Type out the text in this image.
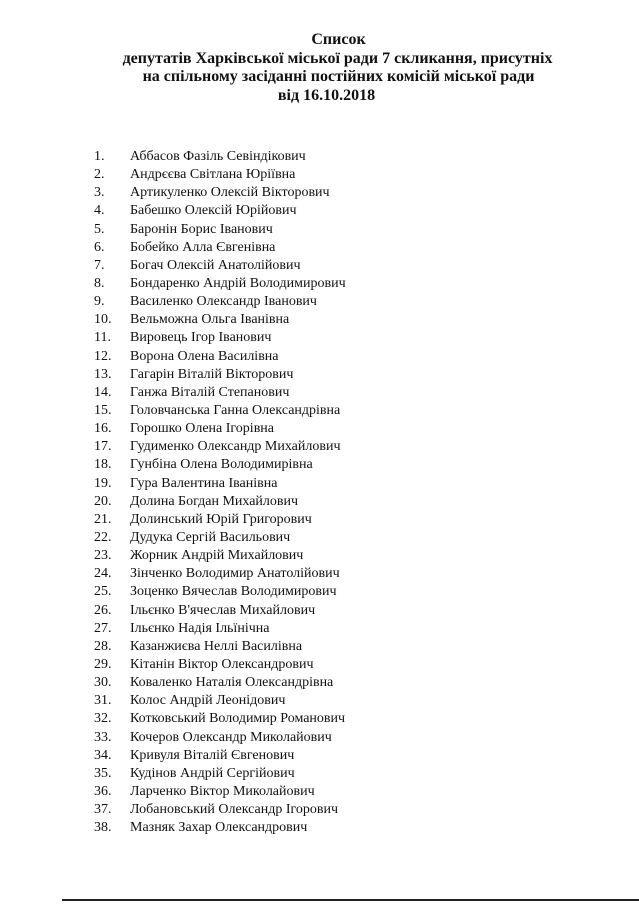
Список
депутатів Харківської міської ради 7 скликання, присутніх
на спільному засіданні постійних комісій міської ради
від 16.10.2018
1. Аббасов Фазіль Севіндікович
2. Андрєєва Світлана Юріївна
3. Артикуленко Олексій Вікторович
4. Бабешко Олексій Юрійович
5. Баронін Борис Іванович
6. Бобейко Алла Євгенівна
7. Богач Олексій Анатолійович
8. Бондаренко Андрій Володимирович
9. Василенко Олександр Іванович
10. Вельможна Ольга Іванівна
11. Вировець Ігор Іванович
12. Ворона Олена Василівна
13. Гагарін Віталій Вікторович
14. Ганжа Віталій Степанович
15. Головчанська Ганна Олександрівна
16. Горошко Олена Ігорівна
17. Гудименко Олександр Михайлович
18. Гунбіна Олена Володимирівна
19. Гура Валентина Іванівна
20. Долина Богдан Михайлович
21. Долинський Юрій Григорович
22. Дудука Сергій Васильович
23. Жорник Андрій Михайлович
24. Зінченко Володимир Анатолійович
25. Зоценко Вячеслав Володимирович
26. Ільєнко В'ячеслав Михайлович
27. Ільєнко Надія Ільїнічна
28. Казанжиєва Неллі Василівна
29. Кітанін Віктор Олександрович
30. Коваленко Наталія Олександрівна
31. Колос Андрій Леонідович
32. Котковський Володимир Романович
33. Кочеров Олександр Миколайович
34. Кривуля Віталій Євгенович
35. Кудінов Андрій Сергійович
36. Ларченко Віктор Миколайович
37. Лобановський Олександр Ігорович
38. Мазняк Захар Олександрович
